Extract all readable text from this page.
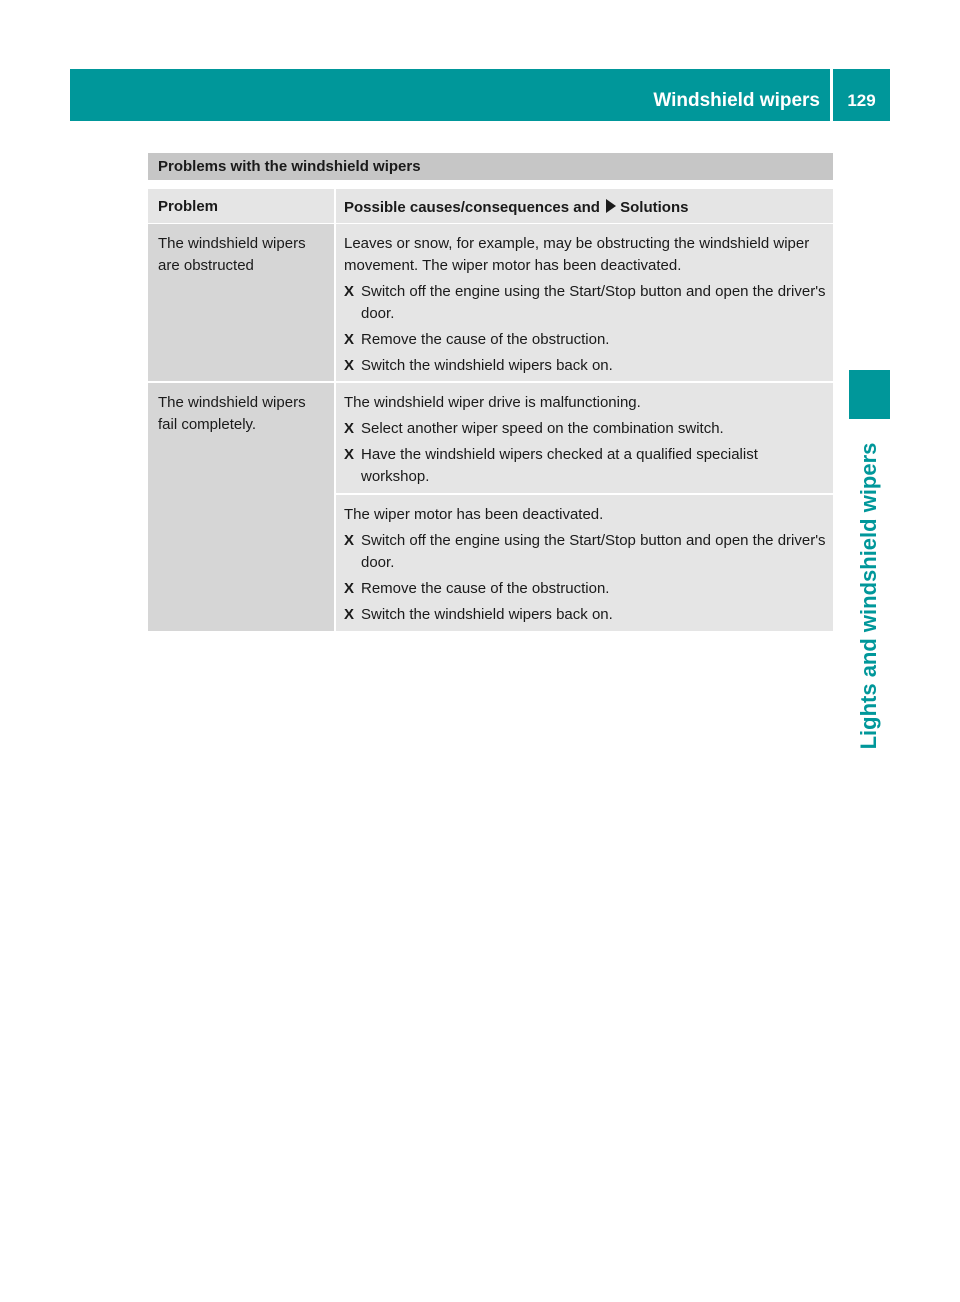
Windshield wipers	129
Lights and windshield wipers
Problems with the windshield wipers
Problem	Possible causes/consequences and Solutions
The windshield wipers are obstructed

Leaves or snow, for example, may be obstructing the windshield wiper movement. The wiper motor has been deactivated.

X Switch off the engine using the Start/Stop button and open the driver's door.
X Remove the cause of the obstruction.
X Switch the windshield wipers back on.
The windshield wipers fail completely.

The windshield wiper drive is malfunctioning.

X Select another wiper speed on the combination switch.
X Have the windshield wipers checked at a qualified specialist workshop.

The wiper motor has been deactivated.

X Switch off the engine using the Start/Stop button and open the driver's door.
X Remove the cause of the obstruction.
X Switch the windshield wipers back on.
